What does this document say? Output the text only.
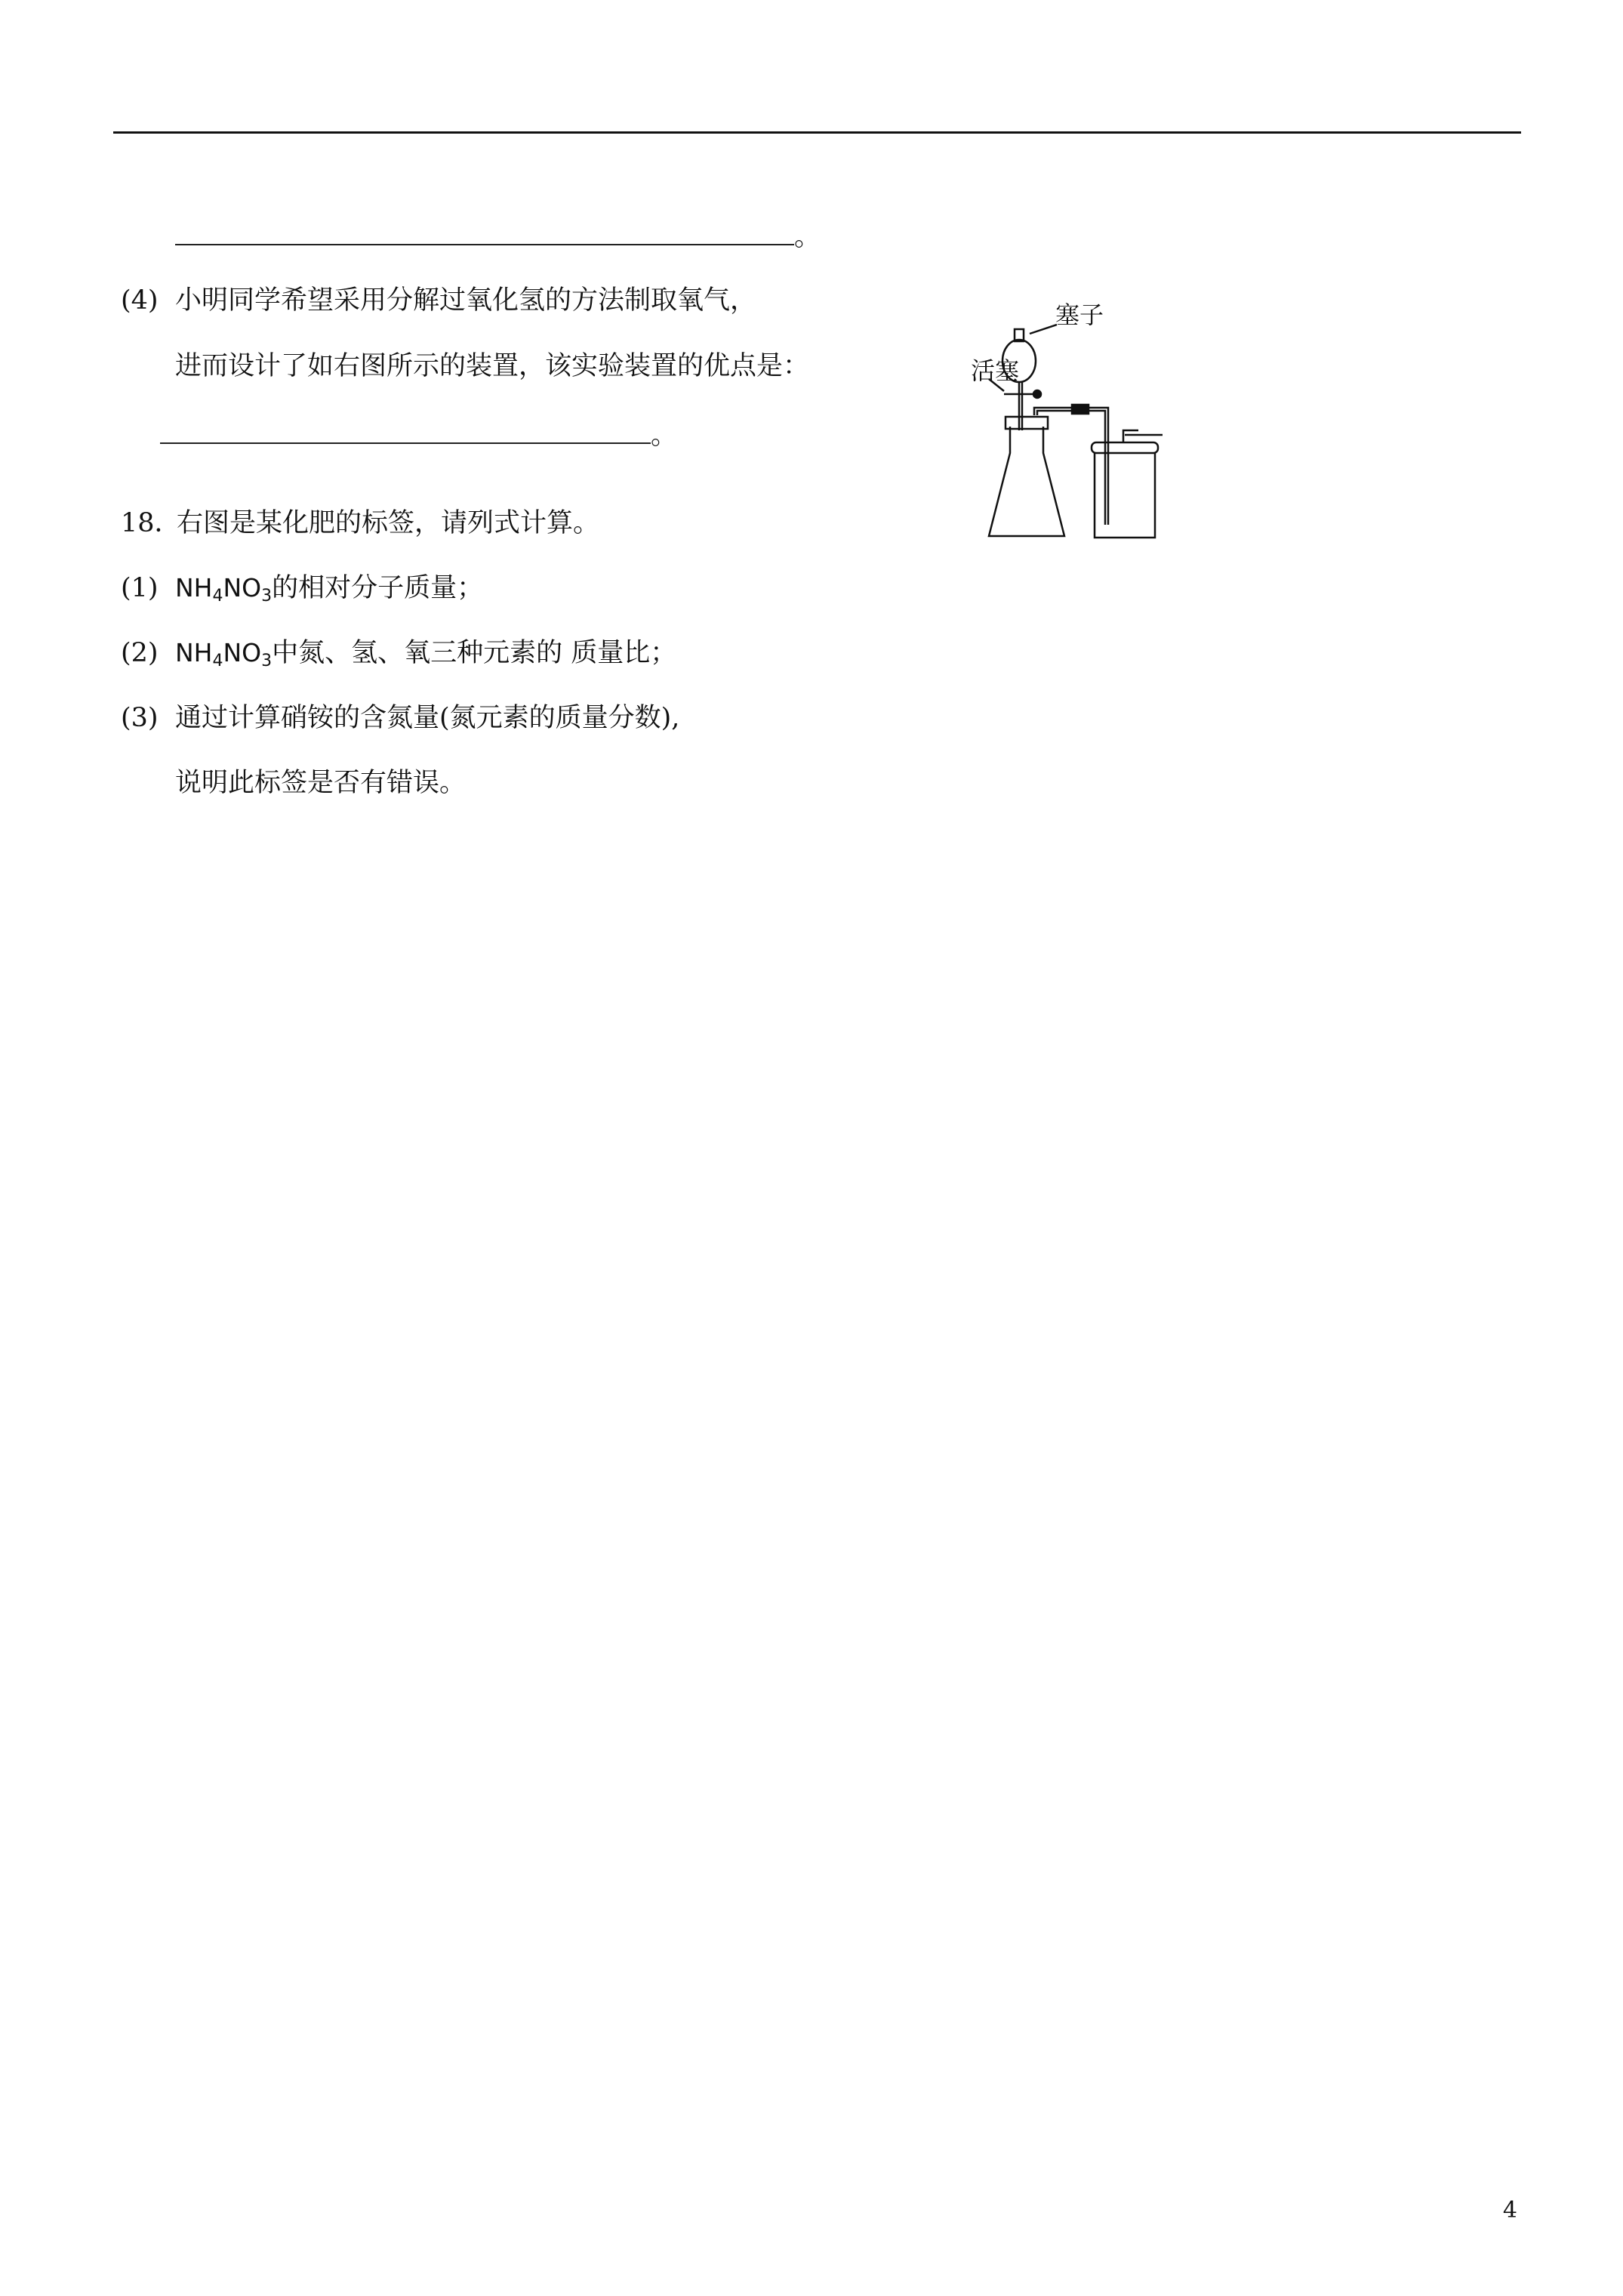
。
(4) 小明同学希望采用分解过氧化氢的方法制取氧气，
进而设计了如右图所示的装置，该实验装置的优点是：
。
塞子
活塞
18．右图是某化肥的标签，请列式计算。
(1) $NH_4NO_3$的相对分子质量；
(2) $NH_4NO_3$中氮、氢、氧三种元素的 质量比；
(3) 通过计算硝铵的含氮量(氮元素的质量分数),
说明此标签是否有错误。
4
